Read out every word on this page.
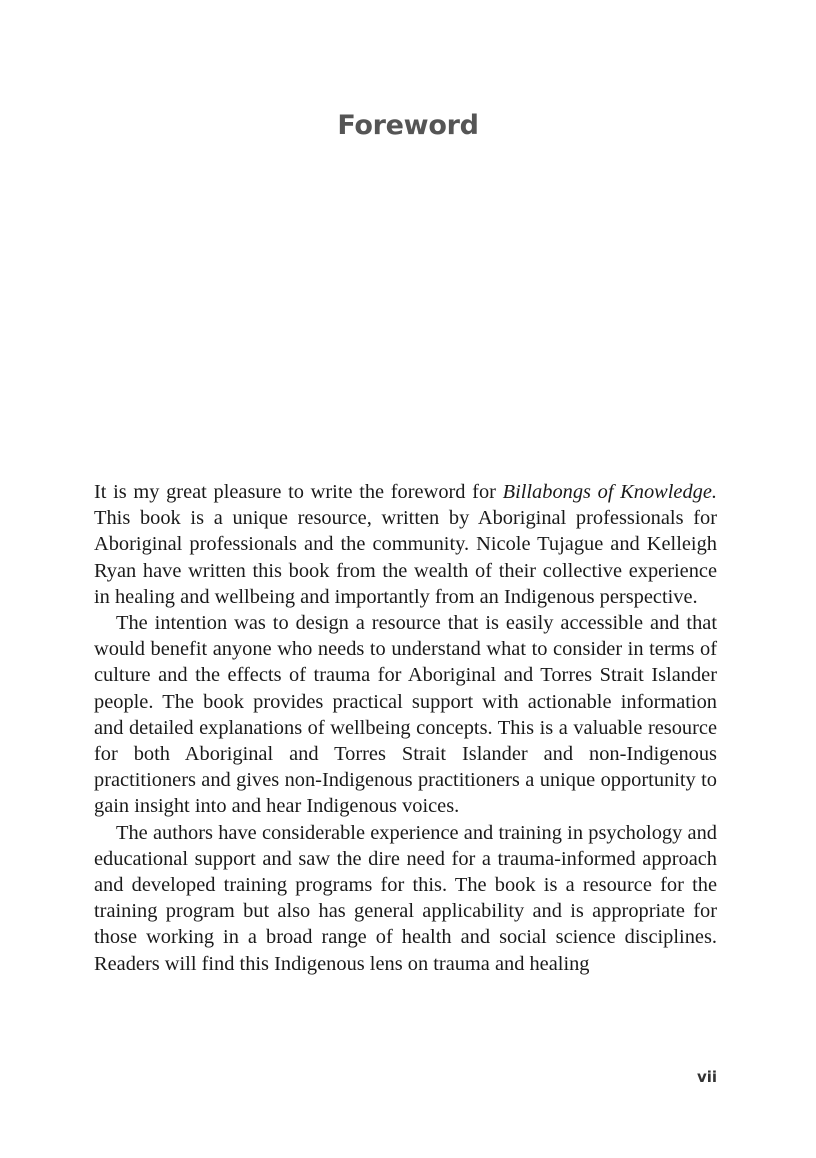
Foreword

It is my great pleasure to write the foreword for Billabongs of Knowledge. This book is a unique resource, written by Aboriginal professionals for Aboriginal professionals and the community. Nicole Tujague and Kelleigh Ryan have written this book from the wealth of their collective experience in healing and wellbeing and importantly from an Indigenous perspective.

The intention was to design a resource that is easily accessible and that would benefit anyone who needs to understand what to consider in terms of culture and the effects of trauma for Aboriginal and Torres Strait Islander people. The book provides practical support with actionable information and detailed explanations of wellbeing concepts. This is a valuable resource for both Aboriginal and Torres Strait Islander and non-Indigenous practitioners and gives non-Indigenous practitioners a unique opportunity to gain insight into and hear Indigenous voices.

The authors have considerable experience and training in psychology and educational support and saw the dire need for a trauma-informed approach and developed training programs for this. The book is a resource for the training program but also has general applicability and is appropriate for those working in a broad range of health and social science disciplines. Readers will find this Indigenous lens on trauma and healing

vii
